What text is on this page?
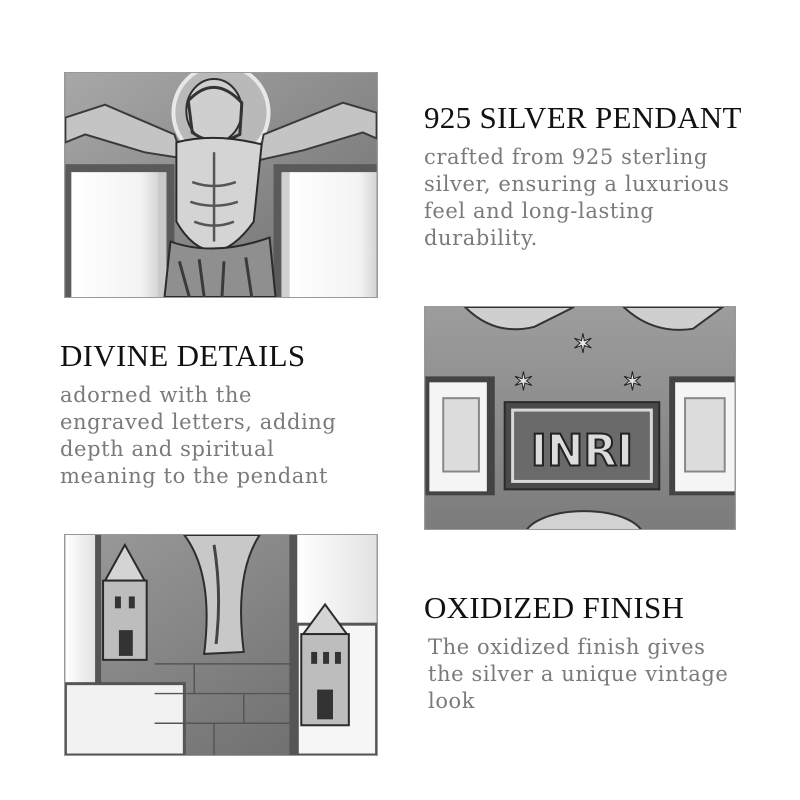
925 SILVER PENDANT

crafted from 925 sterling
silver, ensuring a luxurious
feel and long-lasting
durability.

DIVINE DETAILS

adorned with the
engraved letters, adding
depth and spiritual
meaning to the pendant

✶
✶	✶
INRI
OXIDIZED FINISH

The oxidized finish gives
the silver a unique vintage
look
